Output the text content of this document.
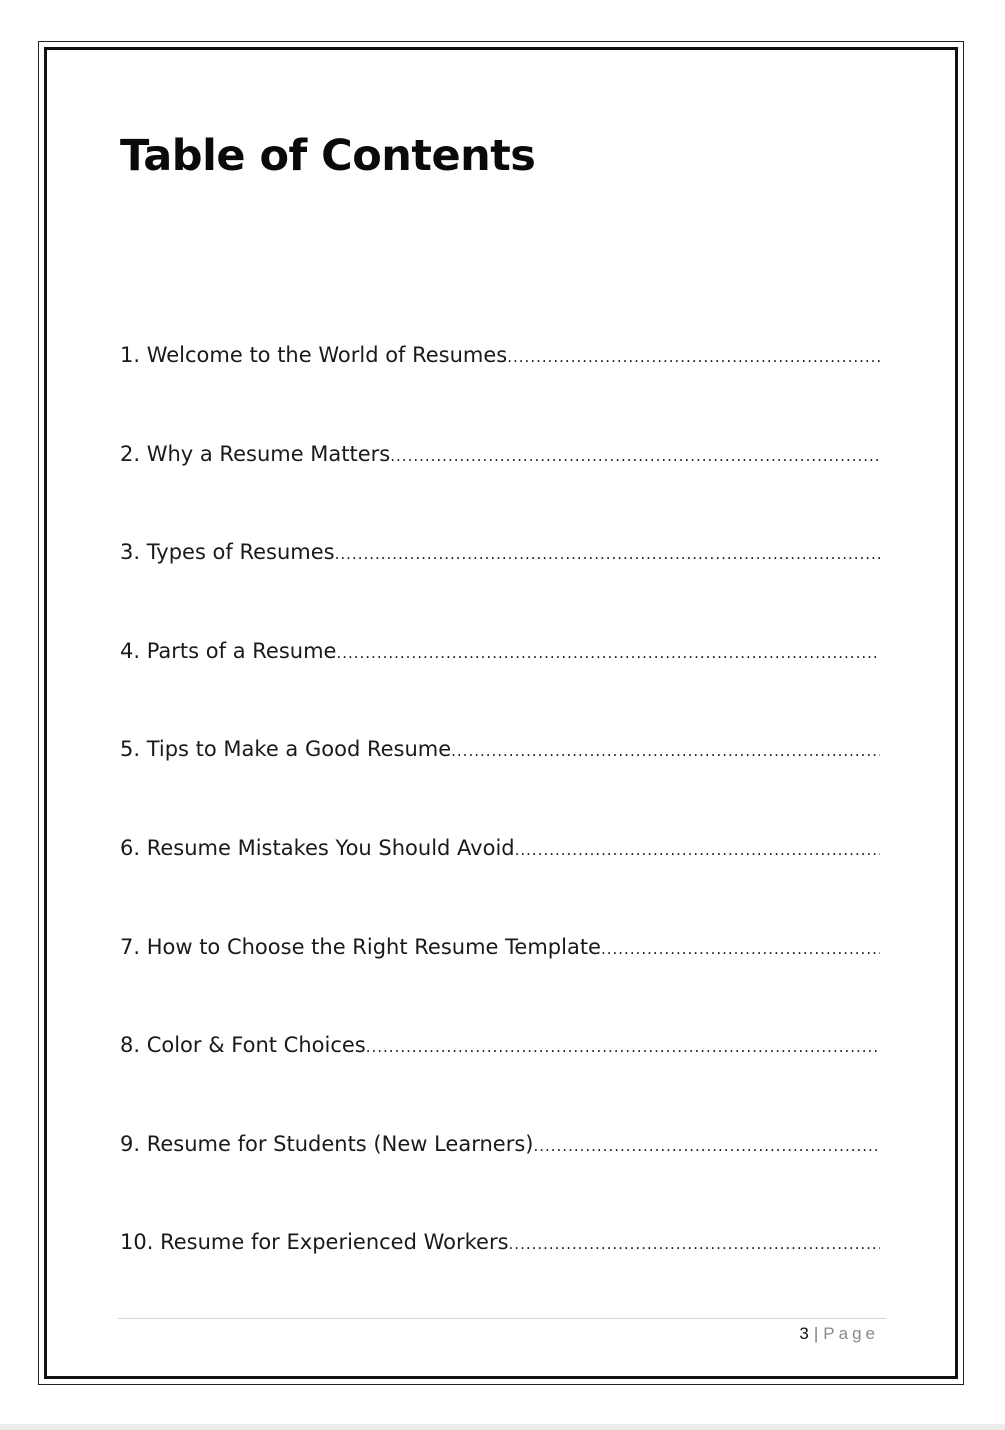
Table of Contents
1. Welcome to the World of Resumes
.....
2. Why a Resume Matters
.....
3. Types of Resumes
.....
4. Parts of a Resume
.....
5. Tips to Make a Good Resume
.....
6. Resume Mistakes You Should Avoid
.....
7. How to Choose the Right Resume Template
.....
8. Color & Font Choices
.....
9. Resume for Students (New Learners)
.....
10. Resume for Experienced Workers
.....
3 | Page
